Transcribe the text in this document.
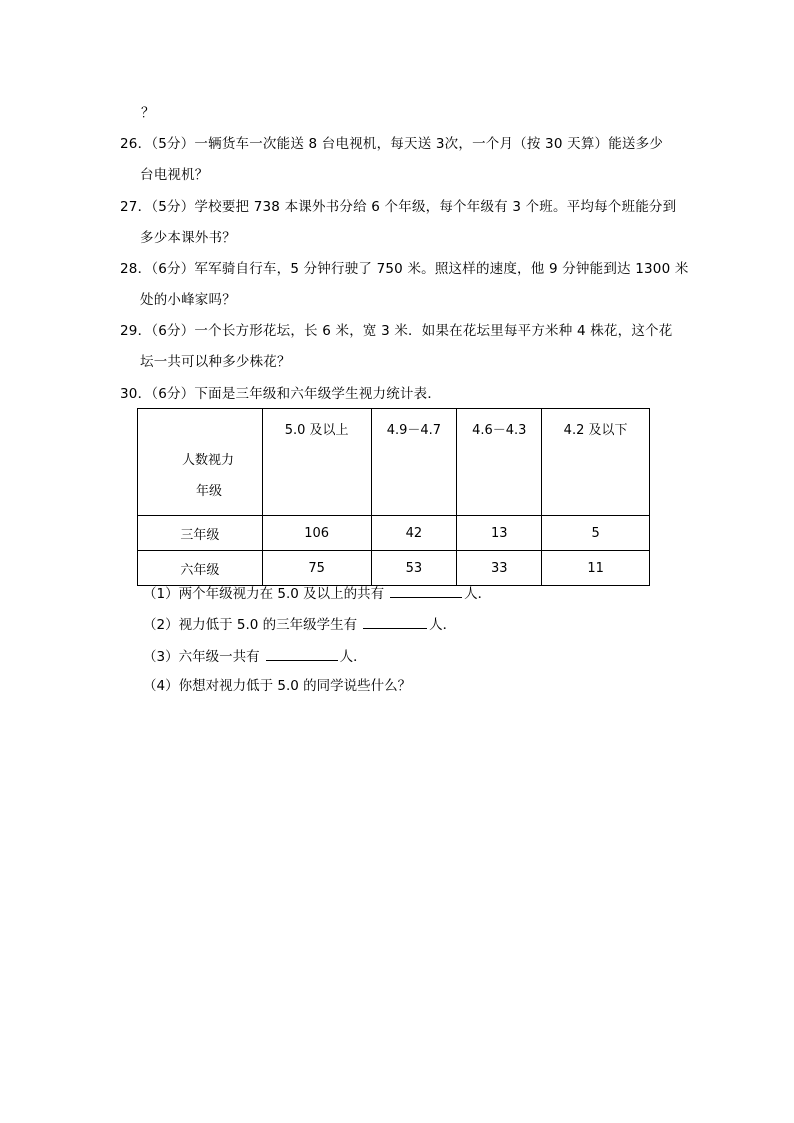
？
26．（5分）一辆货车一次能送 8 台电视机，每天送 3次，一个月（按 30 天算）能送多少
台电视机？
27．（5分）学校要把 738 本课外书分给 6 个年级，每个年级有 3 个班。平均每个班能分到
多少本课外书？
28．（6分）军军骑自行车，5 分钟行驶了 750 米。照这样的速度，他 9 分钟能到达 1300 米
处的小峰家吗？
29．（6分）一个长方形花坛，长 6 米，宽 3 米．如果在花坛里每平方米种 4 株花，这个花
坛一共可以种多少株花？
30．（6分）下面是三年级和六年级学生视力统计表．
人数视力
年级	5.0 及以上	4.9－4.7	4.6－4.3	4.2 及以下
三年级	106	42	13	5
六年级	75	53	33	11
（1）两个年级视力在 5.0 及以上的共有	人．
（2）视力低于 5.0 的三年级学生有	人．
（3）六年级一共有	人．
（4）你想对视力低于 5.0 的同学说些什么？
